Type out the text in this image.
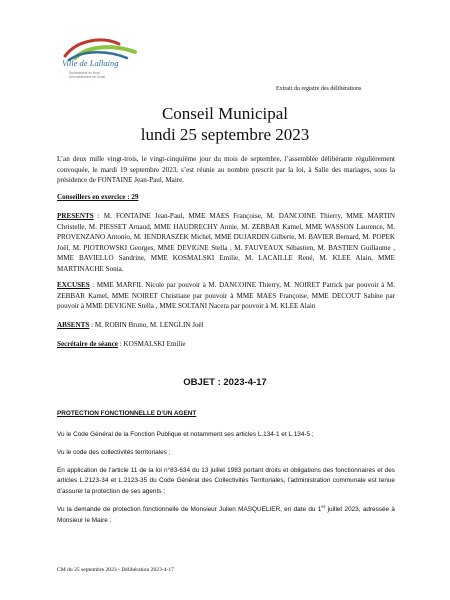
Ville de Lallaing
Département du Nord
Arrondissement de Douai
Extrait du registre des délibérations
Conseil Municipal
lundi 25 septembre 2023
L’an deux mille vingt-trois, le vingt-cinquième jour du mois de septembre, l’assemblée délibérante régulièrement convoquée, le mardi 19 septembre 2023, s’est réunie au nombre prescrit par la loi, à Salle des mariages, sous la présidence de FONTAINE Jean-Paul, Maire.
Conseillers en exercice : 29
PRESENTS : M. FONTAINE Jean-Paul, MME MAES Françoise, M. DANCOINE Thierry, MME MARTIN Christelle, M. PIESSET Arnaud, MME HAUDRECHY Annie, M. ZEBBAR Kamel, MME WASSON Laurence, M. PROVENZANO Antonio, M. JENDRASZEK Michel, MME DUJARDIN Gilberte, M. BAVIER Bernard, M. POPEK Joël, M. PIOTROWSKI Georges, MME DEVIGNE Stella , M. FAUVEAUX Sébastien, M. BASTIEN Guillaume , MME BAVIELLO Sandrine, MME KOSMALSKI Emilie, M. LACAILLE René, M. KLEE Alain, MME MARTINACHE Sonia.
EXCUSES : MME MARFIL Nicole par pouvoir à M. DANCOINE Thierry, M. NOIRET Patrick par pouvoir à M. ZEBBAR Kamel, MME NOIRET Christiane par pouvoir à MME MAES Françoise, MME DECOUT Sabine par pouvoir à MME DEVIGNE Stella , MME SOLTANI Nacera par pouvoir à M. KLEE Alain
ABSENTS : M. ROBIN Bruno, M. LENGLIN Joël
Secrétaire de séance : KOSMALSKI Emilie
OBJET : 2023-4-17
PROTECTION FONCTIONNELLE D’UN AGENT
Vu le Code Général de la Fonction Publique et notamment ses articles L.134-1 et L.134-5 ;
Vu le code des collectivités territoriales ;
En application de l’article 11 de la loi n°83-634 du 13 juillet 1983 portant droits et obligations des fonctionnaires et des articles L.2123-34 et L.2123-35 du Code Général des Collectivités Territoriales, l’administration communale est tenue d’assurer la protection de ses agents ;
Vu la demande de protection fonctionnelle de Monsieur Julien MASQUELIER, en date du 1er juillet 2023, adressée à Monsieur le Maire ;
CM du 25 septembre 2023 - Délibération 2023-4-17
